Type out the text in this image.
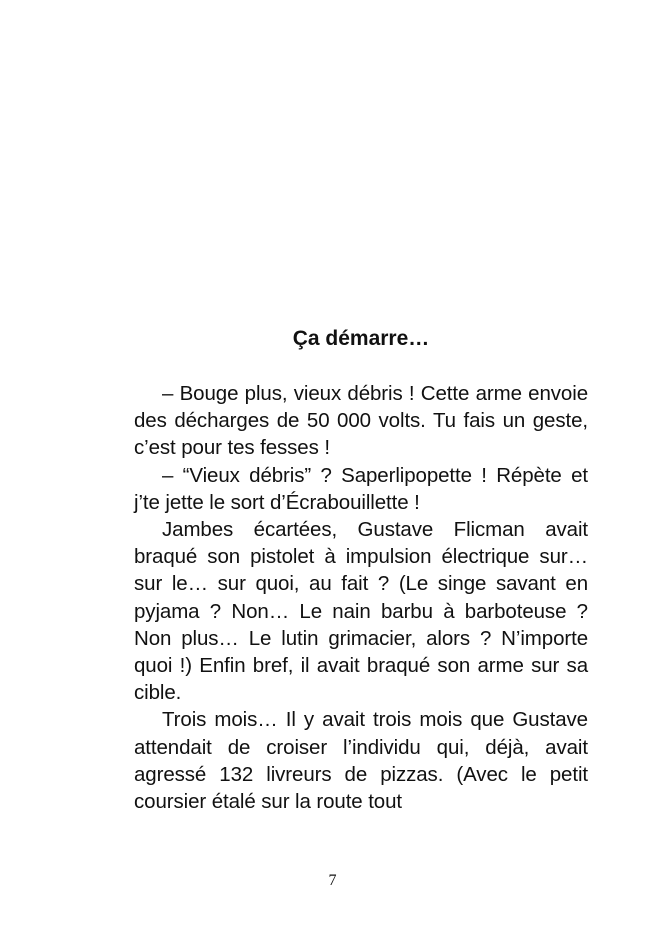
Ça démarre…

– Bouge plus, vieux débris ! Cette arme envoie des décharges de 50 000 volts. Tu fais un geste, c’est pour tes fesses !

– “Vieux débris” ? Saperlipopette ! Répète et j’te jette le sort d’Écrabouillette !

Jambes écartées, Gustave Flicman avait braqué son pistolet à impulsion électrique sur… sur le… sur quoi, au fait ? (Le singe savant en pyjama ? Non… Le nain barbu à barboteuse ? Non plus… Le lutin grimacier, alors ? N’importe quoi !) Enfin bref, il avait braqué son arme sur sa cible.

Trois mois… Il y avait trois mois que Gustave attendait de croiser l’individu qui, déjà, avait agressé 132 livreurs de pizzas. (Avec le petit coursier étalé sur la route tout

7
